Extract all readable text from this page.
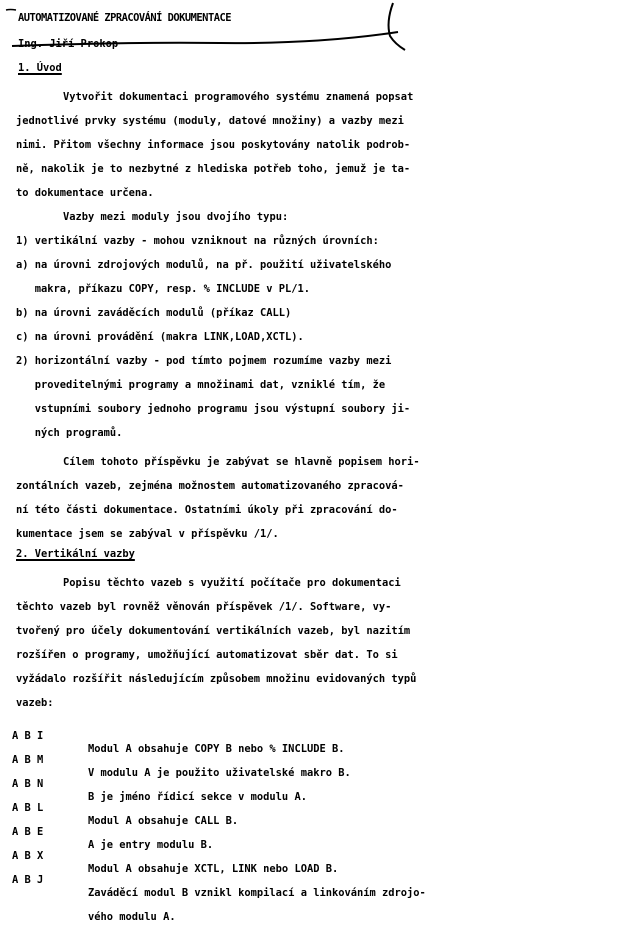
AUTOMATIZOVANÉ ZPRACOVÁNÍ DOKUMENTACE
Ing. Jiří Prokop
1. Úvod
Vytvořit dokumentaci programového systému znamená popsat
jednotlivé prvky systému (moduly, datové množiny) a vazby mezi
nimi. Přitom všechny informace jsou poskytovány natolik podrob-
ně, nakolik je to nezbytné z hlediska potřeb toho, jemuž je ta-
to dokumentace určena.
Vazby mezi moduly jsou dvojího typu:
1) vertikální vazby - mohou vzniknout na různých úrovních:
a) na úrovni zdrojových modulů, na př. použití uživatelského
makra, příkazu COPY, resp. % INCLUDE v PL/1.
b) na úrovni zaváděcích modulů (příkaz CALL)
c) na úrovni provádění (makra LINK,LOAD,XCTL).
2) horizontální vazby - pod tímto pojmem rozumíme vazby mezi
proveditelnými programy a množinami dat, vzniklé tím, že
vstupními soubory jednoho programu jsou výstupní soubory ji-
ných programů.
Cílem tohoto příspěvku je zabývat se hlavně popisem hori-
zontálních vazeb, zejména možnostem automatizovaného zpracová-
ní této části dokumentace. Ostatními úkoly při zpracování do-
kumentace jsem se zabýval v příspěvku /1/.
2. Vertikální vazby
Popisu těchto vazeb s využití počítače pro dokumentaci
těchto vazeb byl rovněž věnován příspěvek /1/. Software, vy-
tvořený pro účely dokumentování vertikálních vazeb, byl nazitím
rozšířen o programy, umožňující automatizovat sběr dat. To si
vyžádalo rozšířit následujícím způsobem množinu evidovaných typů
vazeb:

A B I

Modul A obsahuje COPY B nebo % INCLUDE B.

A B M

V modulu A je použito uživatelské makro B.

A B N

B je jméno řídicí sekce v modulu A.

A B L

Modul A obsahuje CALL B.

A B E

A je entry modulu B.

A B X

Modul A obsahuje XCTL, LINK nebo LOAD B.

A B J

Zaváděcí modul B vznikl kompilací a linkováním zdrojo-

vého modulu A.
